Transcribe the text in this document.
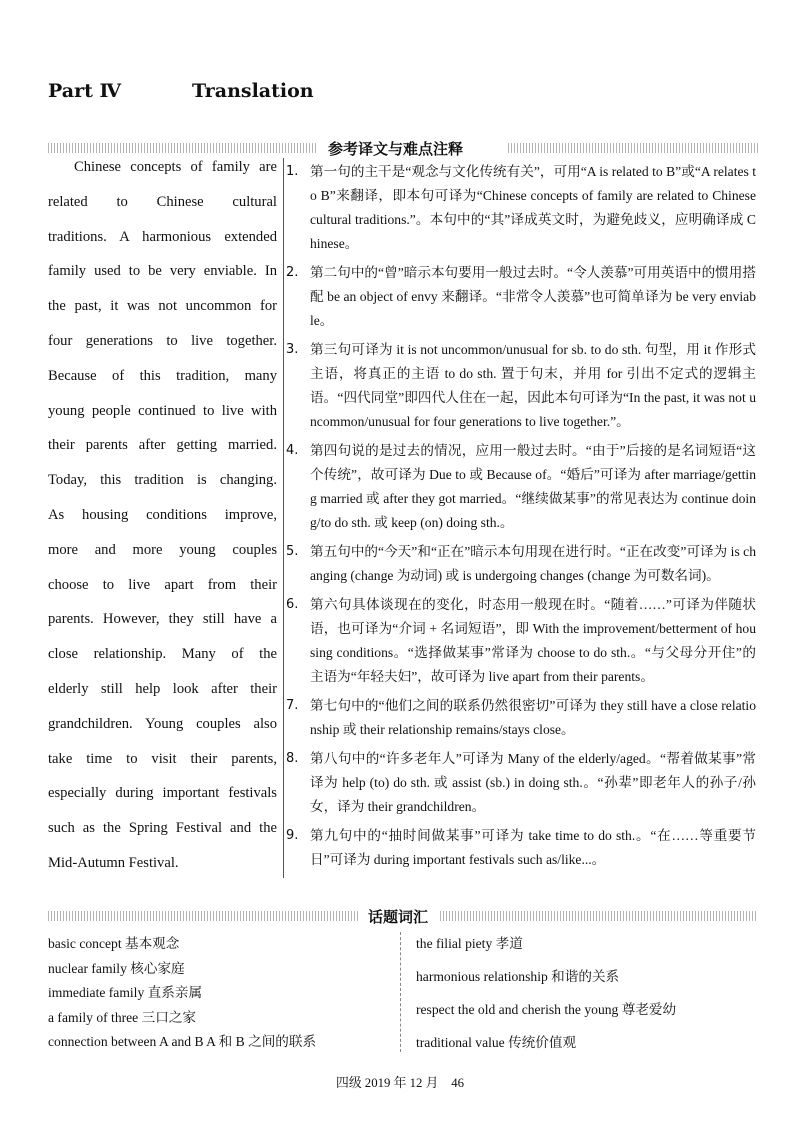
Part Ⅳ	Translation
参考译文与难点注释
Chinese concepts of family are
related to Chinese cultural
traditions. A harmonious extended
family used to be very enviable. In
the past, it was not uncommon for
four generations to live together.
Because of this tradition, many
young people continued to live with
their parents after getting married.
Today, this tradition is changing.
As housing conditions improve,
more and more young couples
choose to live apart from their
parents. However, they still have a
close relationship. Many of the
elderly still help look after their
grandchildren. Young couples also
take time to visit their parents,
especially during important festivals
such as the Spring Festival and the
Mid-Autumn Festival.
1. 第一句的主干是“观念与文化传统有关”，可用“A is related to B”或“A relates to B”来翻译，即本句可译为“Chinese concepts of family are related to Chinese cultural traditions.”。本句中的“其”译成英文时，为避免歧义，应明确译成 Chinese。
2. 第二句中的“曾”暗示本句要用一般过去时。“令人羡慕”可用英语中的惯用搭配 be an object of envy 来翻译。“非常令人羡慕”也可简单译为 be very enviable。
3. 第三句可译为 it is not uncommon/unusual for sb. to do sth. 句型，用 it 作形式主语，将真正的主语 to do sth. 置于句末，并用 for 引出不定式的逻辑主语。“四代同堂”即四代人住在一起，因此本句可译为“In the past, it was not uncommon/unusual for four generations to live together.”。
4. 第四句说的是过去的情况，应用一般过去时。“由于”后接的是名词短语“这个传统”，故可译为 Due to 或 Because of。“婚后”可译为 after marriage/getting married 或 after they got married。“继续做某事”的常见表达为 continue doing/to do sth. 或 keep (on) doing sth.。
5. 第五句中的“今天”和“正在”暗示本句用现在进行时。“正在改变”可译为 is changing (change 为动词) 或 is undergoing changes (change 为可数名词)。
6. 第六句具体谈现在的变化，时态用一般现在时。“随着……”可译为伴随状语，也可译为“介词 + 名词短语”，即 With the improvement/betterment of housing conditions。“选择做某事”常译为 choose to do sth.。“与父母分开住”的主语为“年轻夫妇”，故可译为 live apart from their parents。
7. 第七句中的“他们之间的联系仍然很密切”可译为 they still have a close relationship 或 their relationship remains/stays close。
8. 第八句中的“许多老年人”可译为 Many of the elderly/aged。“帮着做某事”常译为 help (to) do sth. 或 assist (sb.) in doing sth.。“孙辈”即老年人的孙子/孙女，译为 their grandchildren。
9. 第九句中的“抽时间做某事”可译为 take time to do sth.。“在……等重要节日”可译为 during important festivals such as/like...。
话题词汇
basic concept 基本观念
nuclear family 核心家庭
immediate family 直系亲属
a family of three 三口之家
connection between A and B A 和 B 之间的联系
the filial piety 孝道
harmonious relationship 和谐的关系
respect the old and cherish the young 尊老爱幼
traditional value 传统价值观
四级 2019 年 12 月　46
